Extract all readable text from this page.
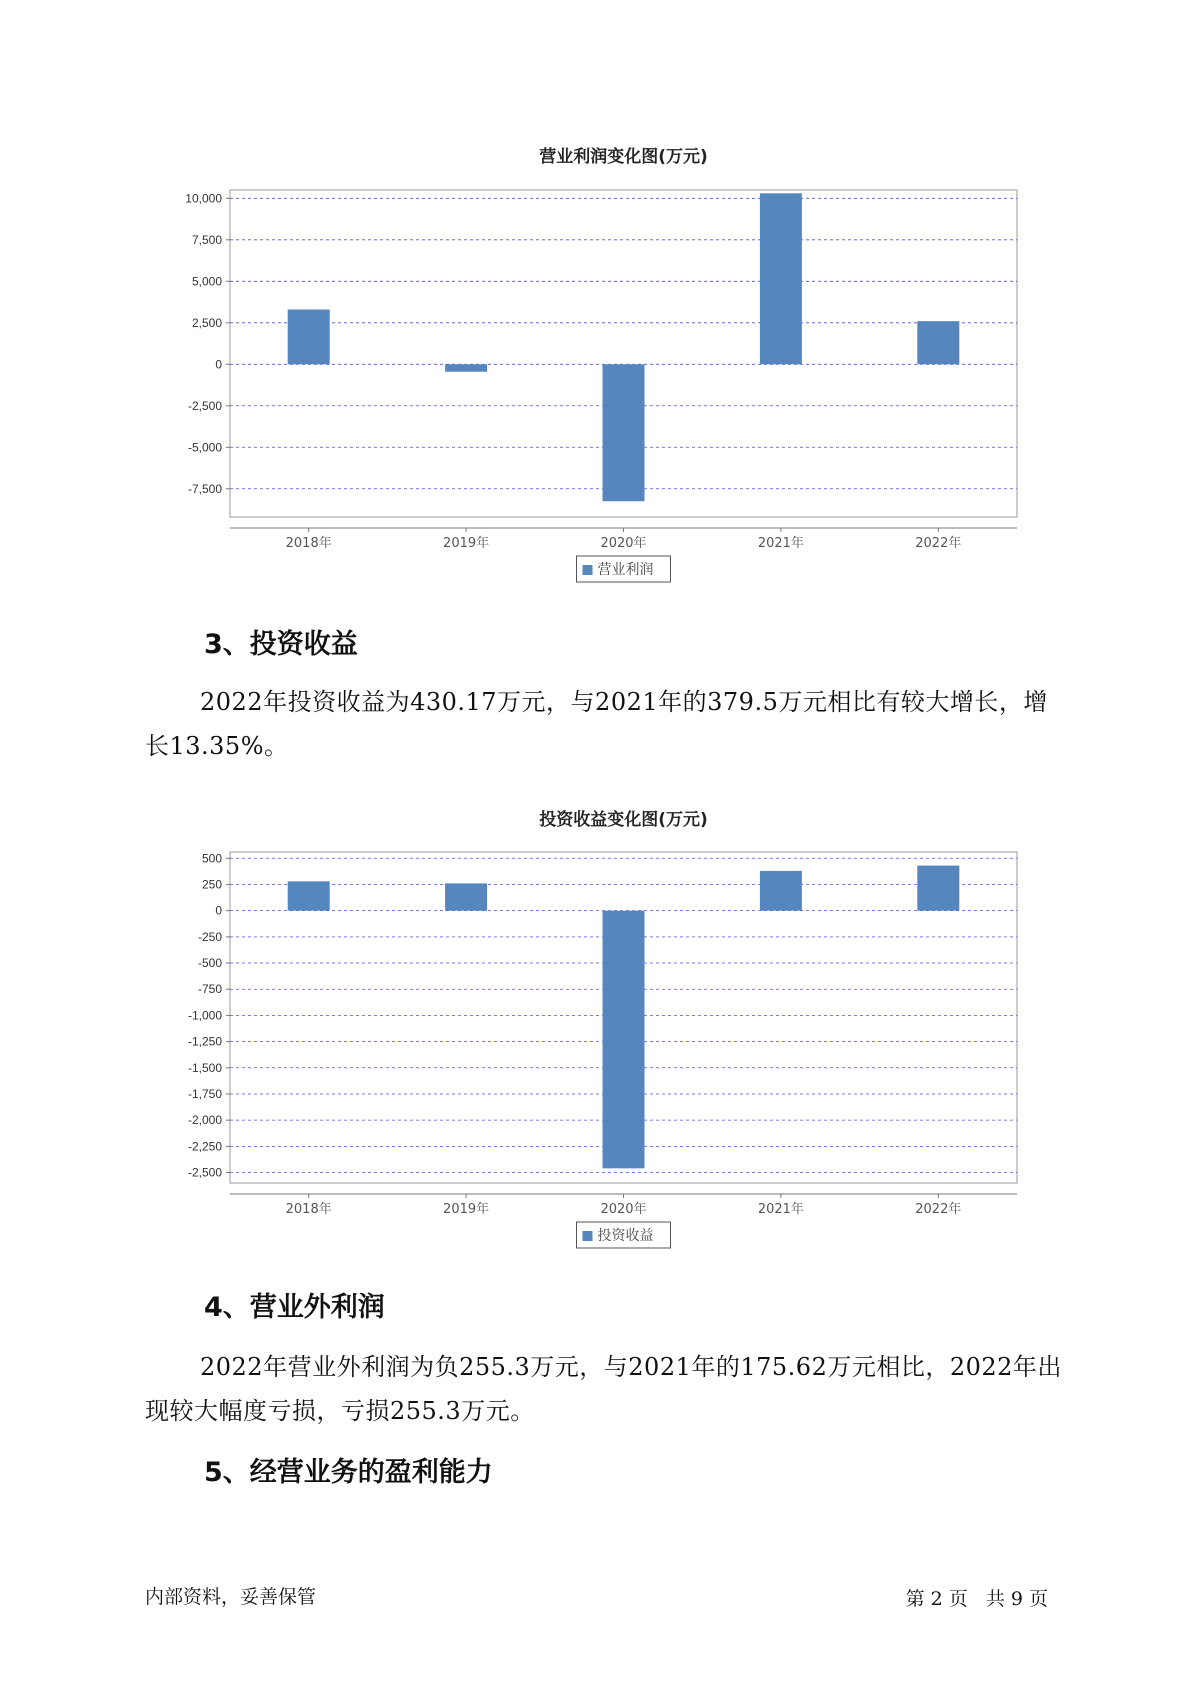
营业利润变化图(万元)
10,000
7,500
5,000
2,500
0
-2,500
-5,000
-7,500
2018年	2019年	2020年	2021年	2022年
营业利润
3、投资收益

2022年投资收益为430.17万元，与2021年的379.5万元相比有较大增长，增长13.35%。

投资收益变化图(万元)
500
250
0
-250
-500
-750
-1,000
-1,250
-1,500
-1,750
-2,000
-2,250
-2,500
2018年	2019年	2020年	2021年	2022年
投资收益
4、营业外利润

2022年营业外利润为负255.3万元，与2021年的175.62万元相比，2022年出现较大幅度亏损，亏损255.3万元。

5、经营业务的盈利能力
内部资料，妥善保管	第 2 页 共 9 页
